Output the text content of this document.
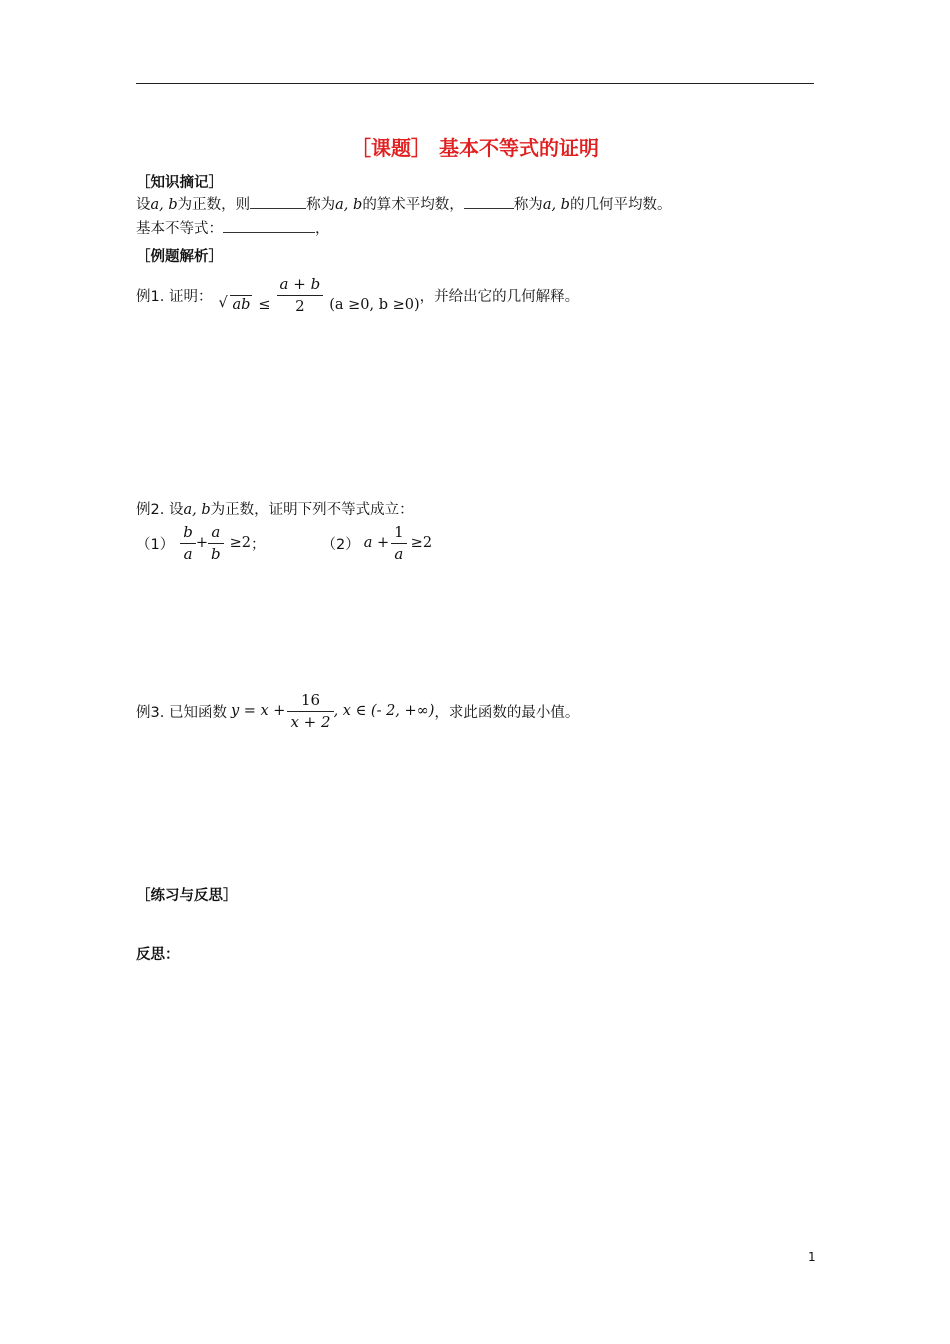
［课题］ 基本不等式的证明
［知识摘记］
设a, b为正数，则	称为a, b的算术平均数，	称为a, b的几何平均数。
基本不等式：	，
［例题解析］
例1. 证明： √ ab ≤ $\frac{a + b}{2} (a \ge 0$, b ≥0)
，并给出它的几何解释。
例2. 设a, b为正数，证明下列不等式成立：
$(1) \frac{b}{a} + \frac{a}{b} \ge 2$ ；	（2） $a + \frac{1}{a} \ge 2$
例3. 已知函数 $y = x + \frac{16}{x + 2}$ , x ∈ (- 2, +∞) ，求此函数的最小值。
［练习与反思］
反思：
1
